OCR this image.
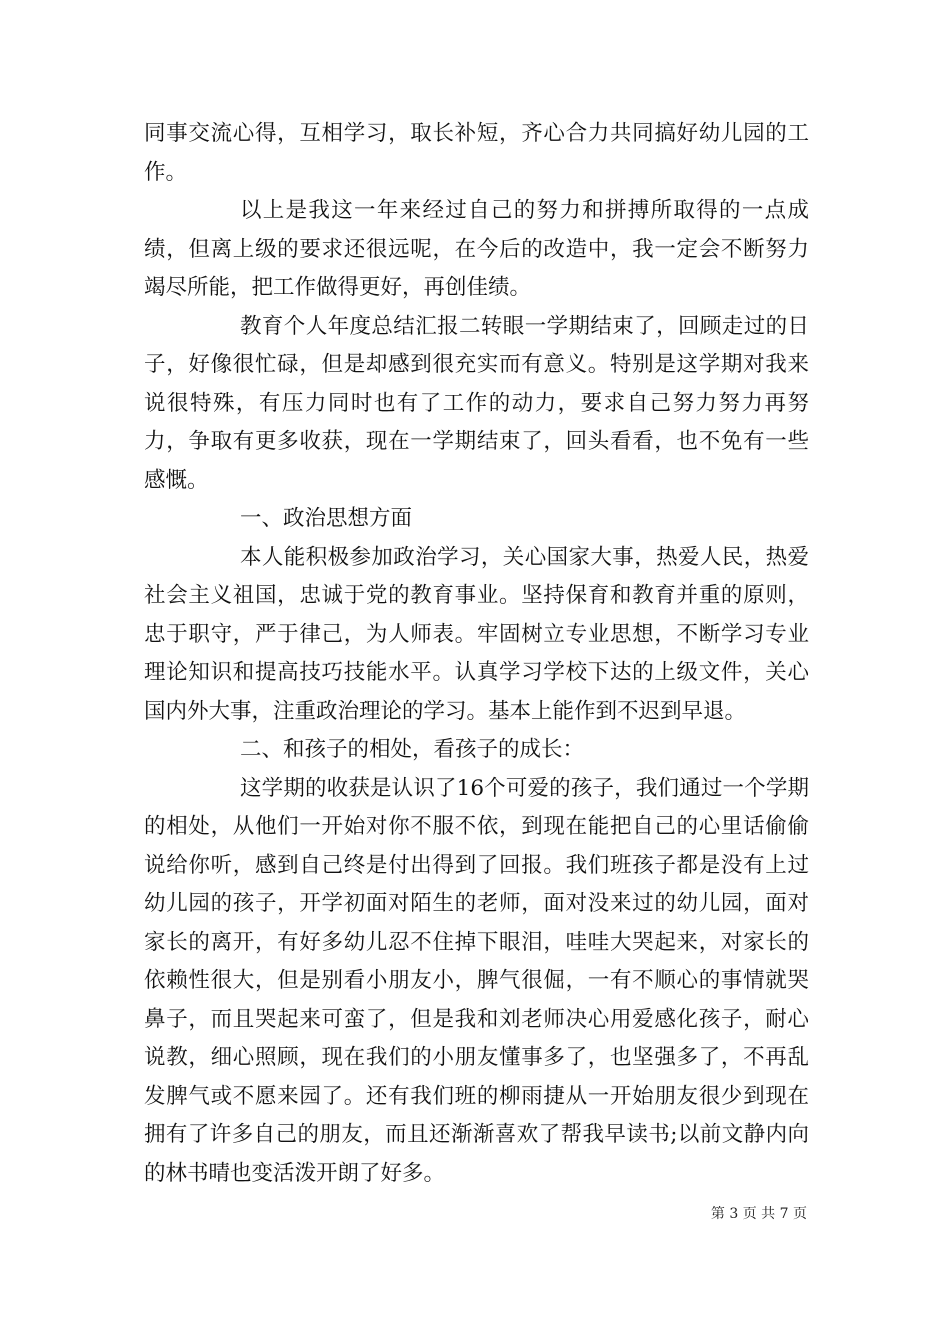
同事交流心得，互相学习，取长补短，齐心合力共同搞好幼儿园的工作。

以上是我这一年来经过自己的努力和拼搏所取得的一点成绩，但离上级的要求还很远呢，在今后的改造中，我一定会不断努力竭尽所能，把工作做得更好，再创佳绩。

教育个人年度总结汇报二转眼一学期结束了，回顾走过的日子，好像很忙碌，但是却感到很充实而有意义。特别是这学期对我来说很特殊，有压力同时也有了工作的动力，要求自己努力努力再努力，争取有更多收获，现在一学期结束了，回头看看，也不免有一些感慨。

一、政治思想方面

本人能积极参加政治学习，关心国家大事，热爱人民，热爱社会主义祖国，忠诚于党的教育事业。坚持保育和教育并重的原则，忠于职守，严于律己，为人师表。牢固树立专业思想，不断学习专业理论知识和提高技巧技能水平。认真学习学校下达的上级文件，关心国内外大事，注重政治理论的学习。基本上能作到不迟到早退。

二、和孩子的相处，看孩子的成长：

这学期的收获是认识了16个可爱的孩子，我们通过一个学期的相处，从他们一开始对你不服不依，到现在能把自己的心里话偷偷说给你听，感到自己终是付出得到了回报。我们班孩子都是没有上过幼儿园的孩子，开学初面对陌生的老师，面对没来过的幼儿园，面对家长的离开，有好多幼儿忍不住掉下眼泪，哇哇大哭起来，对家长的依赖性很大，但是别看小朋友小，脾气很倔，一有不顺心的事情就哭鼻子，而且哭起来可蛮了，但是我和刘老师决心用爱感化孩子，耐心说教，细心照顾，现在我们的小朋友懂事多了，也坚强多了，不再乱发脾气或不愿来园了。还有我们班的柳雨捷从一开始朋友很少到现在拥有了许多自己的朋友，而且还渐渐喜欢了帮我早读书;以前文静内向的林书晴也变活泼开朗了好多。

第 3 页 共 7 页
